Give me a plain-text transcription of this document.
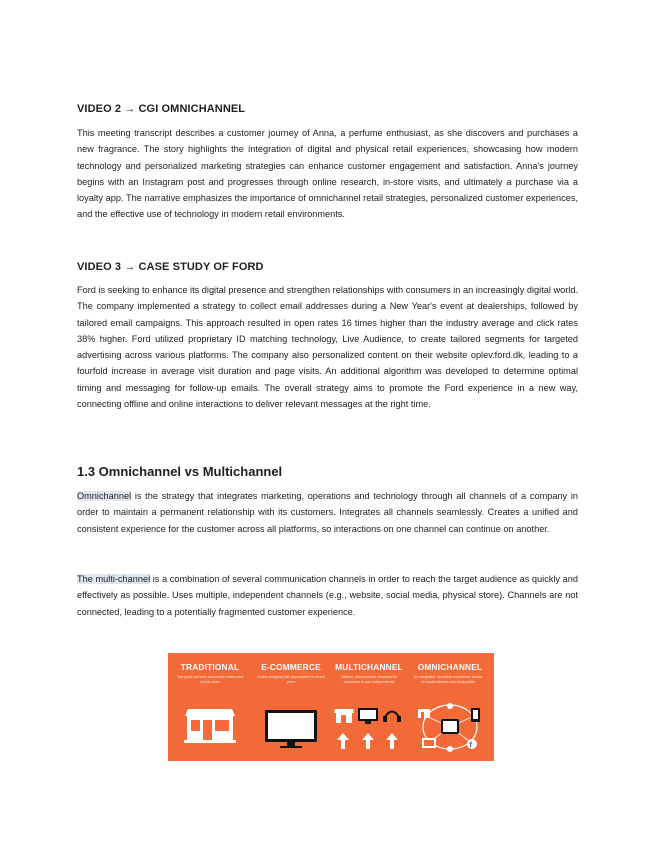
VIDEO 2 → CGI OMNICHANNEL

This meeting transcript describes a customer journey of Anna, a perfume enthusiast, as she discovers and purchases a new fragrance. The story highlights the integration of digital and physical retail experiences, showcasing how modern technology and personalized marketing strategies can enhance customer engagement and satisfaction. Anna's journey begins with an Instagram post and progresses through online research, in-store visits, and ultimately a purchase via a loyalty app. The narrative emphasizes the importance of omnichannel retail strategies, personalized customer experiences, and the effective use of technology in modern retail environments.

VIDEO 3 → CASE STUDY OF FORD

Ford is seeking to enhance its digital presence and strengthen relationships with consumers in an increasingly digital world. The company implemented a strategy to collect email addresses during a New Year's event at dealerships, followed by tailored email campaigns. This approach resulted in open rates 16 times higher than the industry average and click rates 38% higher. Ford utilized proprietary ID matching technology, Live Audience, to create tailored segments for targeted advertising across various platforms. The company also personalized content on their website oplev.ford.dk, leading to a fourfold increase in average visit duration and page visits. An additional algorithm was developed to determine optimal timing and messaging for follow-up emails. The overall strategy aims to promote the Ford experience in a new way, connecting offline and online interactions to deliver relevant messages at the right time.

1.3 Omnichannel vs Multichannel

Omnichannel is the strategy that integrates marketing, operations and technology through all channels of a company in order to maintain a permanent relationship with its customers. Integrates all channels seamlessly. Creates a unified and consistent experience for the customer across all platforms, so interactions on one channel can continue on another.

The multi-channel is a combination of several communication channels in order to reach the target audience as quickly and effectively as possible. Uses multiple, independent channels (e.g., website, social media, physical store). Channels are not connected, leading to a potentially fragmented customer experience.

TRADITIONAL
The good old brick-and-mortar bricks and mortar store
E-COMMERCE
Online shopping has skyrocketed in recent years
MULTICHANNEL
Various, disconnected channels for customers to use independently
OMNICHANNEL
An integrated, seamless experience across all media devices and touchpoints
f
